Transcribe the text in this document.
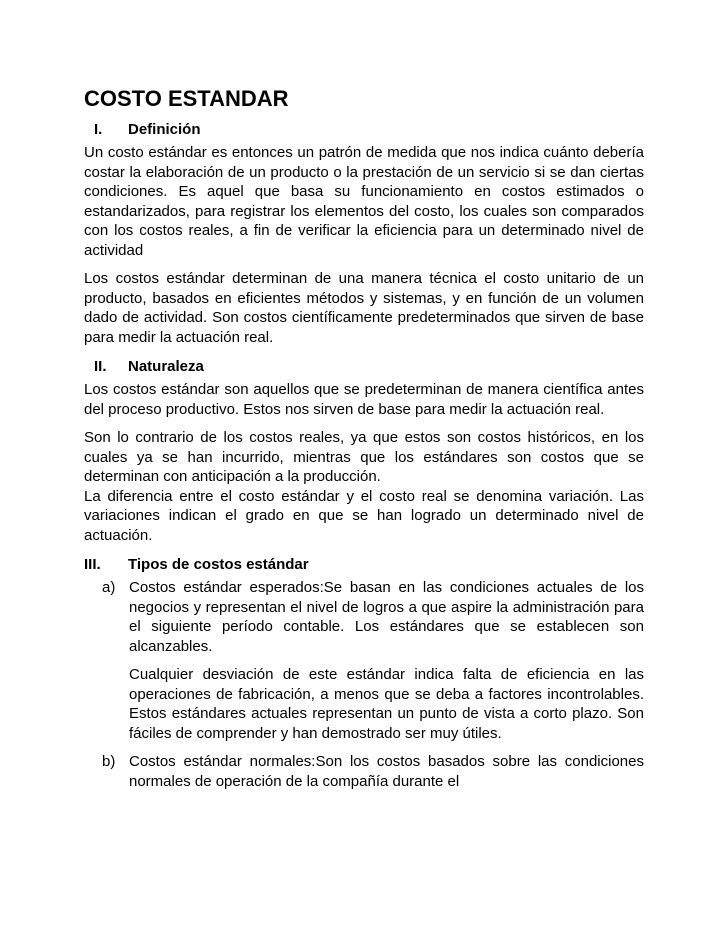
COSTO ESTANDAR
I.	Definición

Un costo estándar es entonces un patrón de medida que nos indica cuánto debería costar la elaboración de un producto o la prestación de un servicio si se dan ciertas condiciones. Es aquel que basa su funcionamiento en costos estimados o estandarizados, para registrar los elementos del costo, los cuales son comparados con los costos reales, a fin de verificar la eficiencia para un determinado nivel de actividad

Los costos estándar determinan de una manera técnica el costo unitario de un producto, basados en eficientes métodos y sistemas, y en función de un volumen dado de actividad. Son costos científicamente predeterminados que sirven de base para medir la actuación real.

II.	Naturaleza

Los costos estándar son aquellos que se predeterminan de manera científica antes del proceso productivo. Estos nos sirven de base para medir la actuación real.

Son lo contrario de los costos reales, ya que estos son costos históricos, en los cuales ya se han incurrido, mientras que los estándares son costos que se determinan con anticipación a la producción.

La diferencia entre el costo estándar y el costo real se denomina variación. Las variaciones indican el grado en que se han logrado un determinado nivel de actuación.

III.	Tipos de costos estándar
a) Costos estándar esperados:Se basan en las condiciones actuales de los negocios y representan el nivel de logros a que aspire la administración para el siguiente período contable. Los estándares que se establecen son alcanzables.

Cualquier desviación de este estándar indica falta de eficiencia en las operaciones de fabricación, a menos que se deba a factores incontrolables. Estos estándares actuales representan un punto de vista a corto plazo. Son fáciles de comprender y han demostrado ser muy útiles.

b) Costos estándar normales:Son los costos basados sobre las condiciones normales de operación de la compañía durante el
